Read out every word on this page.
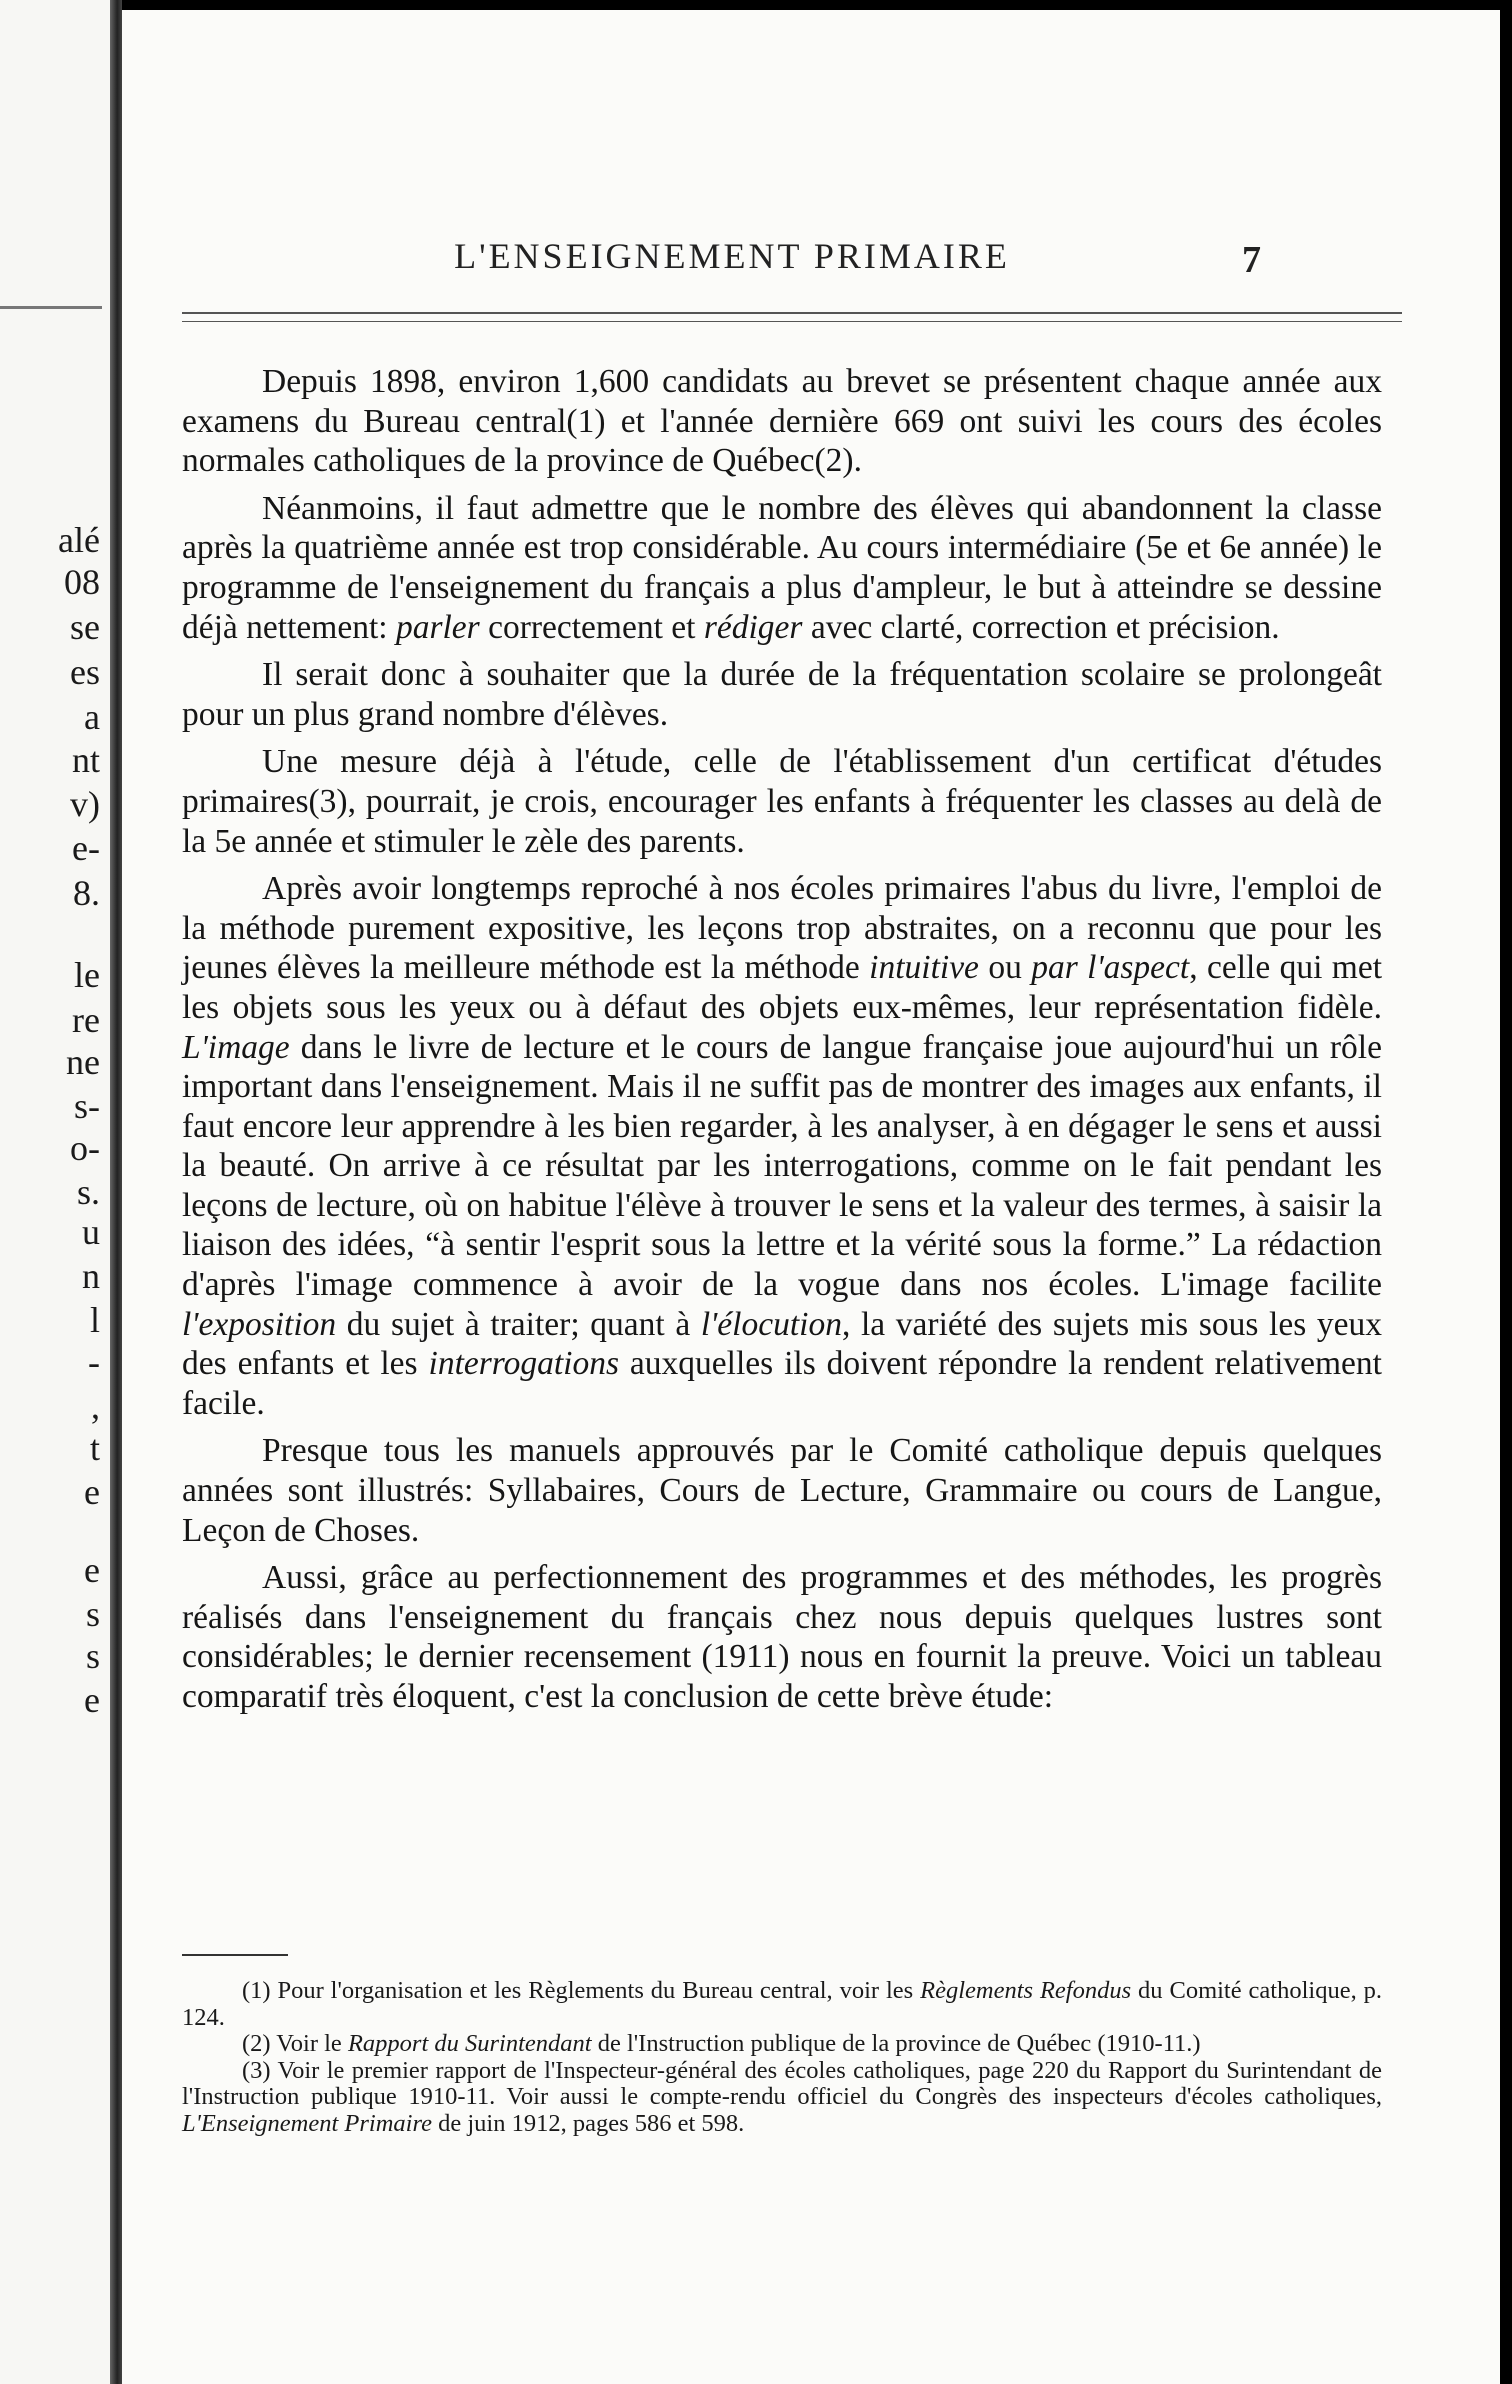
alé
08
se
es
a
nt
v)
e-
8.
le
re
ne
s-
o-
s.
u
n
l
-
,
t
e
e
s
s
e
L'ENSEIGNEMENT PRIMAIRE	7

Depuis 1898, environ 1,600 candidats au brevet se présentent chaque année aux examens du Bureau central(1) et l'année dernière 669 ont suivi les cours des écoles normales catholiques de la province de Québec(2).

Néanmoins, il faut admettre que le nombre des élèves qui abandonnent la classe après la quatrième année est trop considérable. Au cours intermédiaire (5e et 6e année) le programme de l'enseignement du français a plus d'ampleur, le but à atteindre se dessine déjà nettement: parler correctement et rédiger avec clarté, correction et précision.

Il serait donc à souhaiter que la durée de la fréquentation scolaire se prolongeât pour un plus grand nombre d'élèves.

Une mesure déjà à l'étude, celle de l'établissement d'un certificat d'études primaires(3), pourrait, je crois, encourager les enfants à fréquenter les classes au delà de la 5e année et stimuler le zèle des parents.

Après avoir longtemps reproché à nos écoles primaires l'abus du livre, l'emploi de la méthode purement expositive, les leçons trop abstraites, on a reconnu que pour les jeunes élèves la meilleure méthode est la méthode intuitive ou par l'aspect, celle qui met les objets sous les yeux ou à défaut des objets eux-mêmes, leur représentation fidèle. L'image dans le livre de lecture et le cours de langue française joue aujourd'hui un rôle important dans l'enseignement. Mais il ne suffit pas de montrer des images aux enfants, il faut encore leur apprendre à les bien regarder, à les analyser, à en dégager le sens et aussi la beauté. On arrive à ce résultat par les interrogations, comme on le fait pendant les leçons de lecture, où on habitue l'élève à trouver le sens et la valeur des termes, à saisir la liaison des idées, “à sentir l'esprit sous la lettre et la vérité sous la forme.” La rédaction d'après l'image commence à avoir de la vogue dans nos écoles. L'image facilite l'exposition du sujet à traiter; quant à l'élocution, la variété des sujets mis sous les yeux des enfants et les interrogations auxquelles ils doivent répondre la rendent relativement facile.

Presque tous les manuels approuvés par le Comité catholique depuis quelques années sont illustrés: Syllabaires, Cours de Lecture, Grammaire ou cours de Langue, Leçon de Choses.

Aussi, grâce au perfectionnement des programmes et des méthodes, les progrès réalisés dans l'enseignement du français chez nous depuis quelques lustres sont considérables; le dernier recensement (1911) nous en fournit la preuve. Voici un tableau comparatif très éloquent, c'est la conclusion de cette brève étude:

(1) Pour l'organisation et les Règlements du Bureau central, voir les Règlements Refondus du Comité catholique, p. 124.

(2) Voir le Rapport du Surintendant de l'Instruction publique de la province de Québec (1910-11.)

(3) Voir le premier rapport de l'Inspecteur-général des écoles catholiques, page 220 du Rapport du Surintendant de l'Instruction publique 1910-11. Voir aussi le compte-rendu officiel du Congrès des inspecteurs d'écoles catholiques, L'Enseignement Primaire de juin 1912, pages 586 et 598.
